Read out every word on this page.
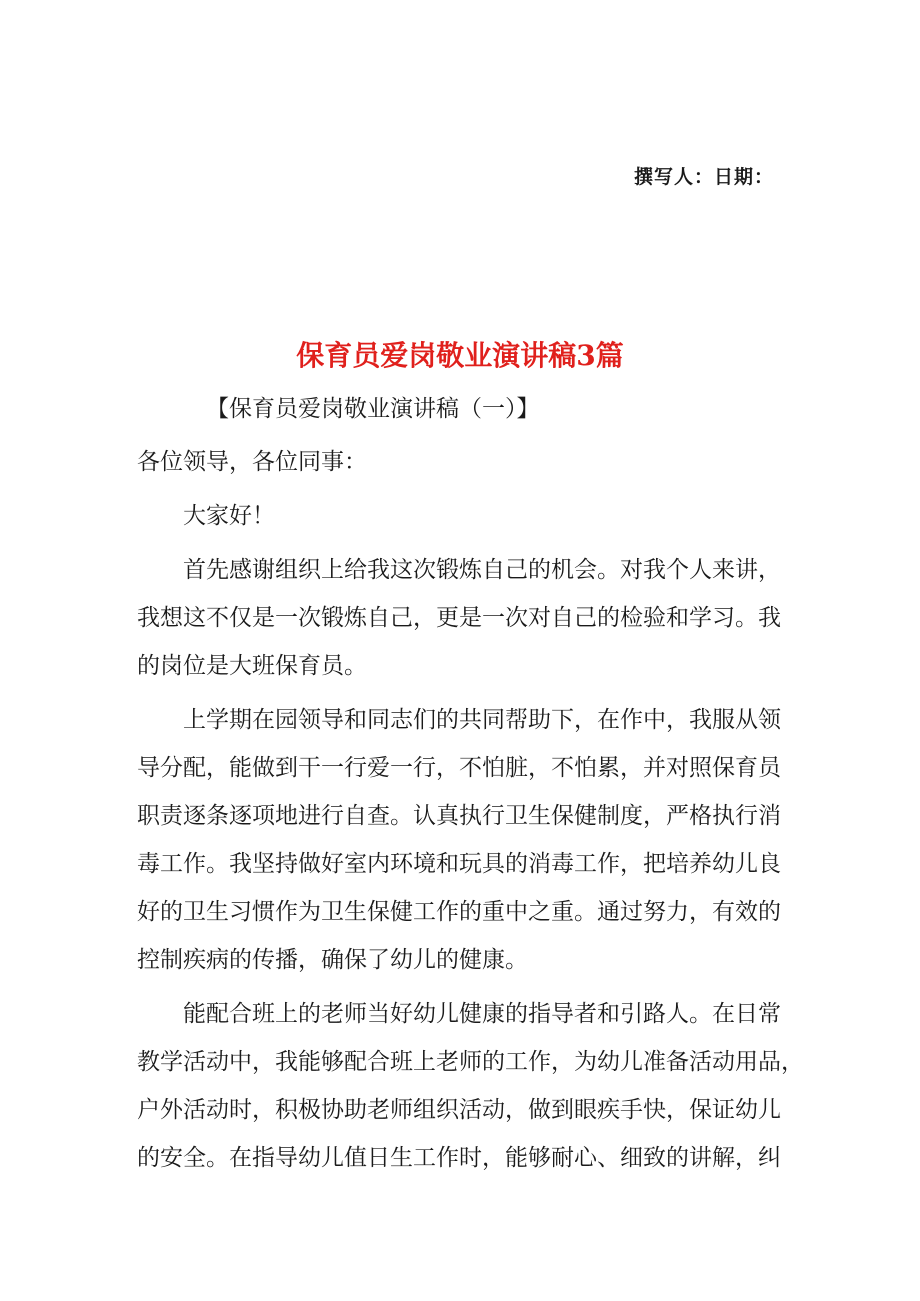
撰写人：日期：

保育员爱岗敬业演讲稿3篇

【保育员爱岗敬业演讲稿（一）】

各位领导，各位同事：

大家好！

首先感谢组织上给我这次锻炼自己的机会。对我个人来讲，

我想这不仅是一次锻炼自己，更是一次对自己的检验和学习。我

的岗位是大班保育员。

上学期在园领导和同志们的共同帮助下，在作中，我服从领

导分配，能做到干一行爱一行，不怕脏，不怕累，并对照保育员

职责逐条逐项地进行自查。认真执行卫生保健制度，严格执行消

毒工作。我坚持做好室内环境和玩具的消毒工作，把培养幼儿良

好的卫生习惯作为卫生保健工作的重中之重。通过努力，有效的

控制疾病的传播，确保了幼儿的健康。

能配合班上的老师当好幼儿健康的指导者和引路人。在日常

教学活动中，我能够配合班上老师的工作，为幼儿准备活动用品，

户外活动时，积极协助老师组织活动，做到眼疾手快，保证幼儿

的安全。在指导幼儿值日生工作时，能够耐心、细致的讲解，纠
